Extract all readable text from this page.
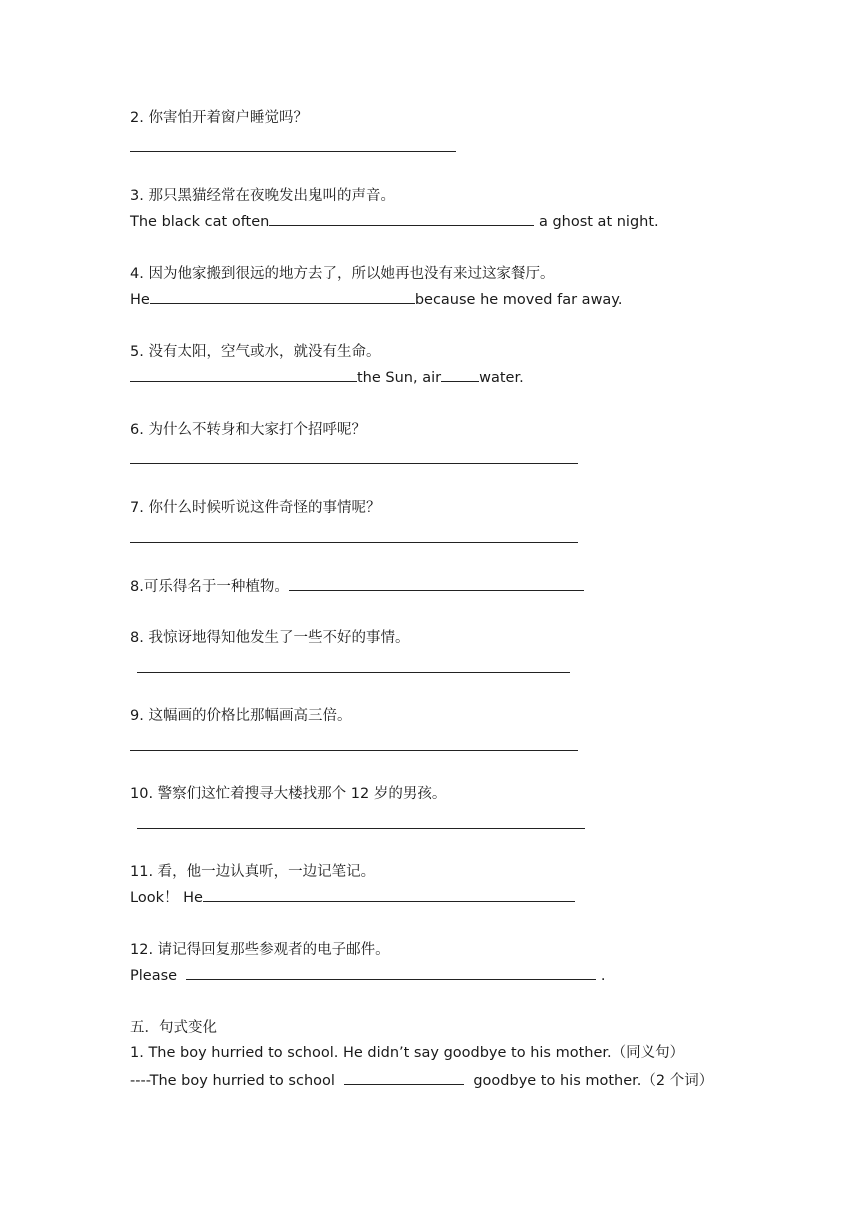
2. 你害怕开着窗户睡觉吗？
3. 那只黑猫经常在夜晚发出鬼叫的声音。
The black cat often	a ghost at night.
4. 因为他家搬到很远的地方去了，所以她再也没有来过这家餐厅。
He	because he moved far away.
5. 没有太阳，空气或水，就没有生命。
the Sun, air	water.
6. 为什么不转身和大家打个招呼呢？
7. 你什么时候听说这件奇怪的事情呢？
8.可乐得名于一种植物。
8. 我惊讶地得知他发生了一些不好的事情。
9. 这幅画的价格比那幅画高三倍。
10. 警察们这忙着搜寻大楼找那个 12 岁的男孩。
11. 看，他一边认真听，一边记笔记。
Look！ He
12. 请记得回复那些参观者的电子邮件。
Please	.
五．句式变化
1. The boy hurried to school. He didn’t say goodbye to his mother.（同义句）
----The boy hurried to school	goodbye to his mother.（2 个词）
